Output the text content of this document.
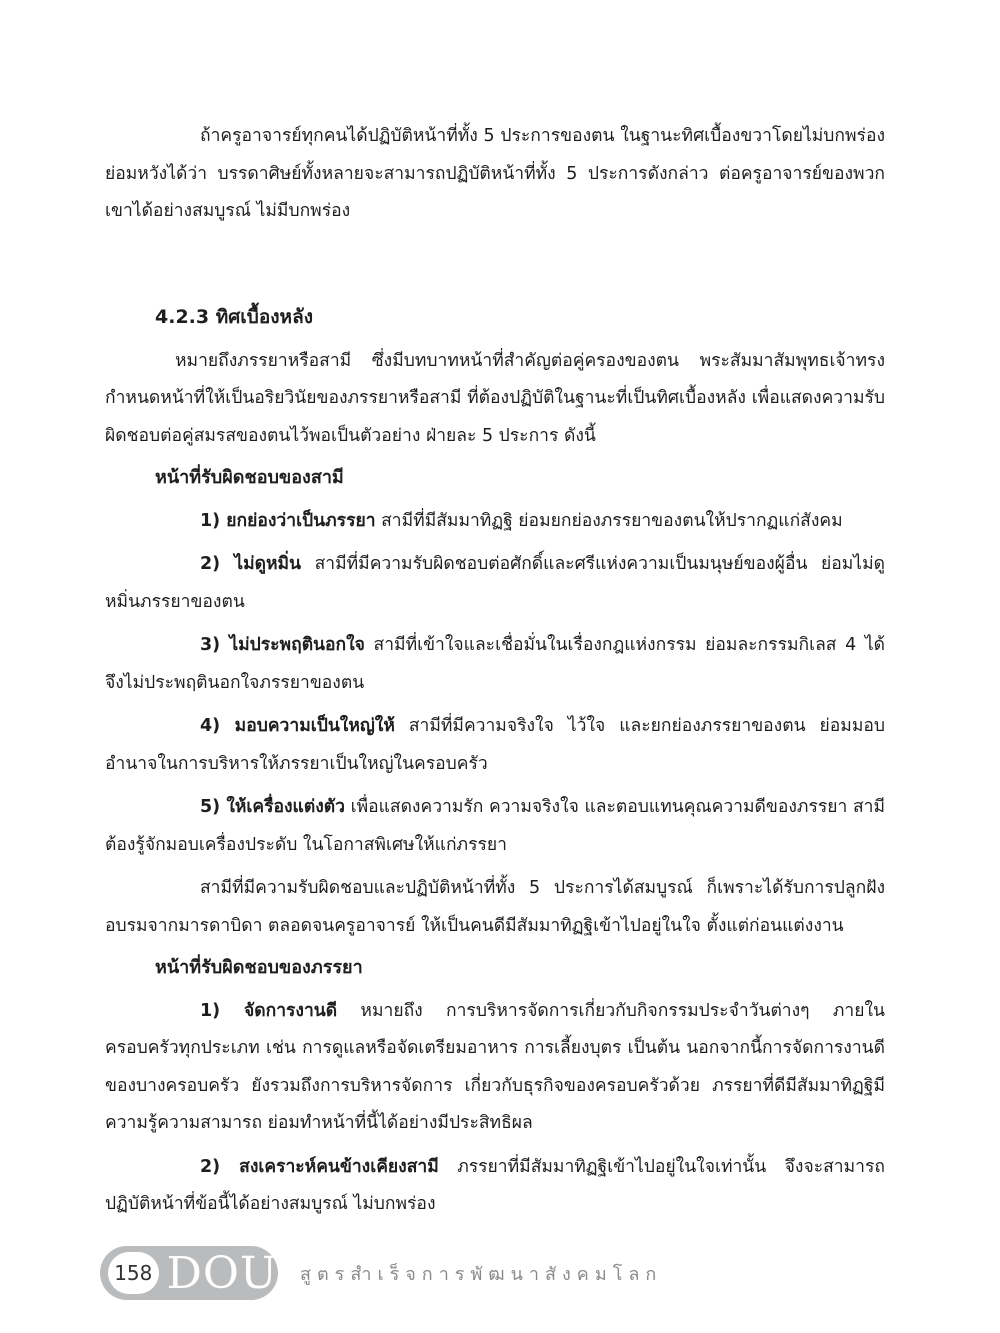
ถ้าครูอาจารย์ทุกคนได้ปฏิบัติหน้าที่ทั้ง 5 ประการของตน ในฐานะทิศเบื้องขวาโดยไม่บกพร่อง ย่อมหวังได้ว่า บรรดาศิษย์ทั้งหลายจะสามารถปฏิบัติหน้าที่ทั้ง 5 ประการดังกล่าว ต่อครูอาจารย์ของพวกเขาได้อย่างสมบูรณ์ ไม่มีบกพร่อง

4.2.3 ทิศเบื้องหลัง

หมายถึงภรรยาหรือสามี ซึ่งมีบทบาทหน้าที่สำคัญต่อคู่ครองของตน พระสัมมาสัมพุทธเจ้าทรงกำหนดหน้าที่ให้เป็นอริยวินัยของภรรยาหรือสามี ที่ต้องปฏิบัติในฐานะที่เป็นทิศเบื้องหลัง เพื่อแสดงความรับผิดชอบต่อคู่สมรสของตนไว้พอเป็นตัวอย่าง ฝ่ายละ 5 ประการ ดังนี้

หน้าที่รับผิดชอบของสามี

1) ยกย่องว่าเป็นภรรยา สามีที่มีสัมมาทิฏฐิ ย่อมยกย่องภรรยาของตนให้ปรากฏแก่สังคม

2) ไม่ดูหมิ่น สามีที่มีความรับผิดชอบต่อศักดิ์และศรีแห่งความเป็นมนุษย์ของผู้อื่น ย่อมไม่ดูหมิ่นภรรยาของตน

3) ไม่ประพฤตินอกใจ สามีที่เข้าใจและเชื่อมั่นในเรื่องกฎแห่งกรรม ย่อมละกรรมกิเลส 4 ได้ จึงไม่ประพฤตินอกใจภรรยาของตน

4) มอบความเป็นใหญ่ให้ สามีที่มีความจริงใจ ไว้ใจ และยกย่องภรรยาของตน ย่อมมอบอำนาจในการบริหารให้ภรรยาเป็นใหญ่ในครอบครัว

5) ให้เครื่องแต่งตัว เพื่อแสดงความรัก ความจริงใจ และตอบแทนคุณความดีของภรรยา สามีต้องรู้จักมอบเครื่องประดับ ในโอกาสพิเศษให้แก่ภรรยา

สามีที่มีความรับผิดชอบและปฏิบัติหน้าที่ทั้ง 5 ประการได้สมบูรณ์ ก็เพราะได้รับการปลูกฝังอบรมจากมารดาบิดา ตลอดจนครูอาจารย์ ให้เป็นคนดีมีสัมมาทิฏฐิเข้าไปอยู่ในใจ ตั้งแต่ก่อนแต่งงาน

หน้าที่รับผิดชอบของภรรยา

1) จัดการงานดี หมายถึง การบริหารจัดการเกี่ยวกับกิจกรรมประจำวันต่างๆ ภายในครอบครัวทุกประเภท เช่น การดูแลหรือจัดเตรียมอาหาร การเลี้ยงบุตร เป็นต้น นอกจากนี้การจัดการงานดีของบางครอบครัว ยังรวมถึงการบริหารจัดการ เกี่ยวกับธุรกิจของครอบครัวด้วย ภรรยาที่ดีมีสัมมาทิฏฐิมีความรู้ความสามารถ ย่อมทำหน้าที่นี้ได้อย่างมีประสิทธิผล

2) สงเคราะห์คนข้างเคียงสามี ภรรยาที่มีสัมมาทิฏฐิเข้าไปอยู่ในใจเท่านั้น จึงจะสามารถปฏิบัติหน้าที่ข้อนี้ได้อย่างสมบูรณ์ ไม่บกพร่อง

158 DOU สูตรสำเร็จการพัฒนาสังคมโลก
